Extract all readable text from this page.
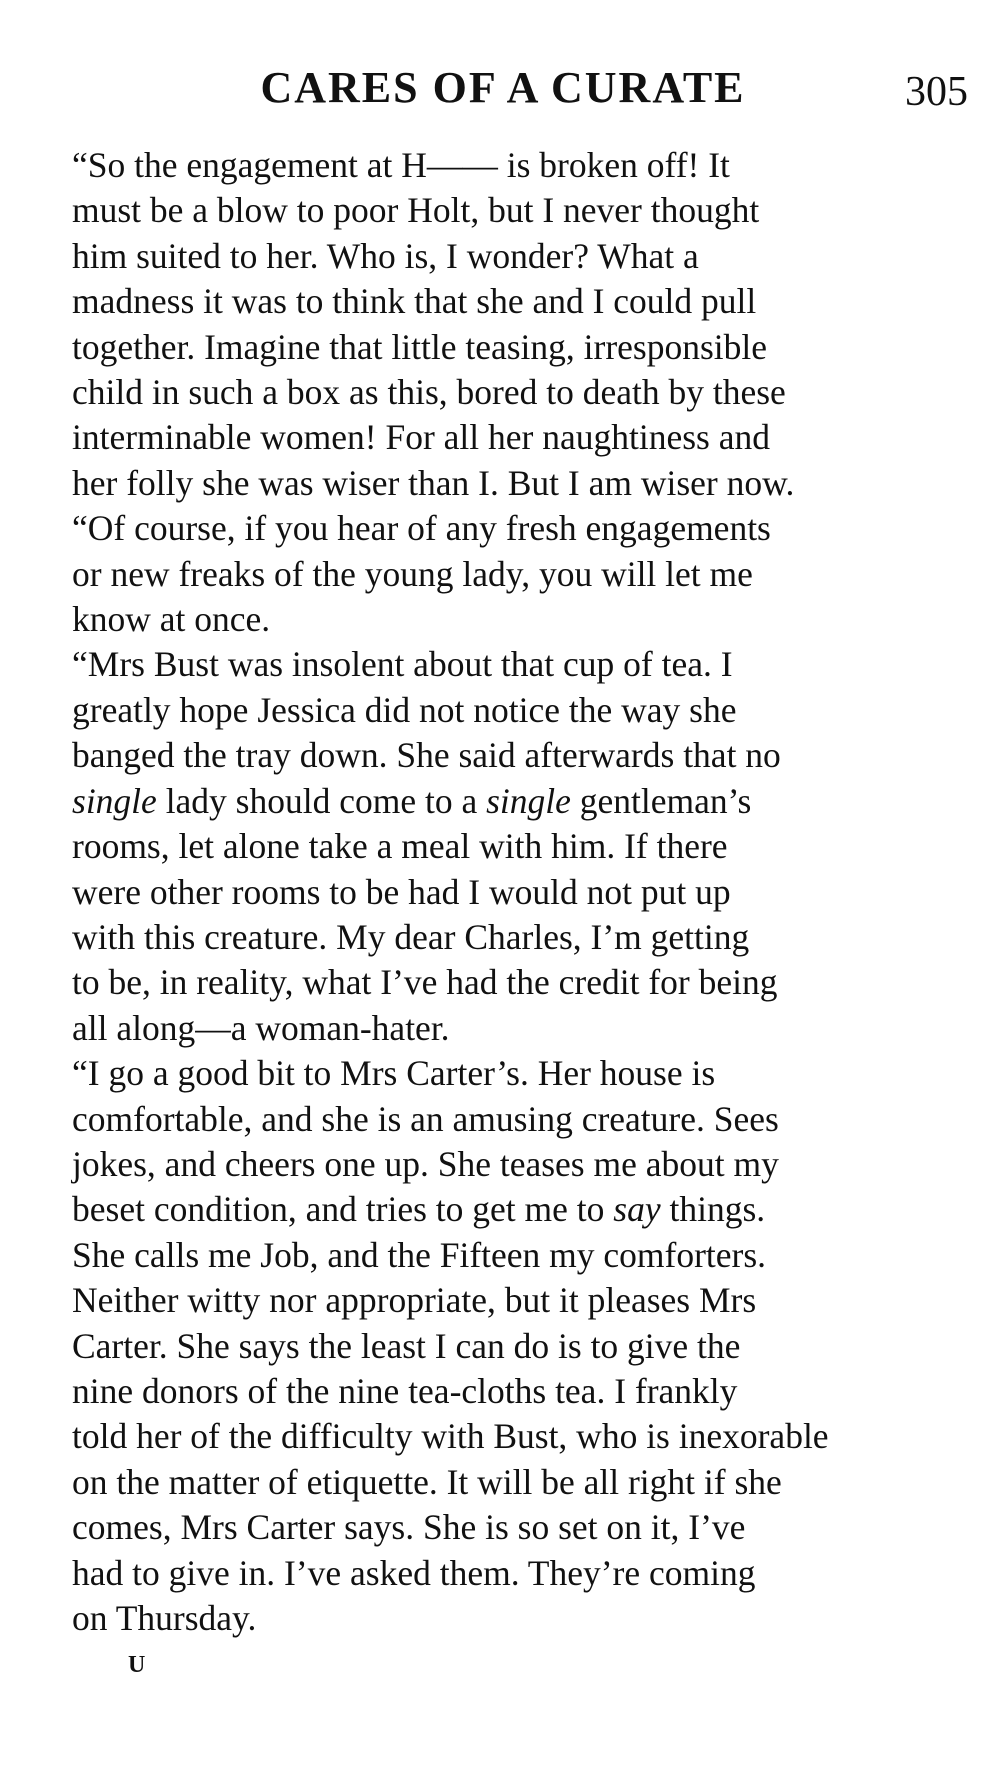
CARES OF A CURATE	305

“So the engagement at H—— is broken off! It
must be a blow to poor Holt, but I never thought
him suited to her. Who is, I wonder? What a
madness it was to think that she and I could pull
together. Imagine that little teasing, irresponsible
child in such a box as this, bored to death by these
interminable women! For all her naughtiness and
her folly she was wiser than I. But I am wiser now.

“Of course, if you hear of any fresh engagements
or new freaks of the young lady, you will let me
know at once.

“Mrs Bust was insolent about that cup of tea. I
greatly hope Jessica did not notice the way she
banged the tray down. She said afterwards that no
single lady should come to a single gentleman’s
rooms, let alone take a meal with him. If there
were other rooms to be had I would not put up
with this creature. My dear Charles, I’m getting
to be, in reality, what I’ve had the credit for being
all along—a woman-hater.

“I go a good bit to Mrs Carter’s. Her house is
comfortable, and she is an amusing creature. Sees
jokes, and cheers one up. She teases me about my
beset condition, and tries to get me to say things.
She calls me Job, and the Fifteen my comforters.
Neither witty nor appropriate, but it pleases Mrs
Carter. She says the least I can do is to give the
nine donors of the nine tea-cloths tea. I frankly
told her of the difficulty with Bust, who is inexorable
on the matter of etiquette. It will be all right if she
comes, Mrs Carter says. She is so set on it, I’ve
had to give in. I’ve asked them. They’re coming
on Thursday.

U
